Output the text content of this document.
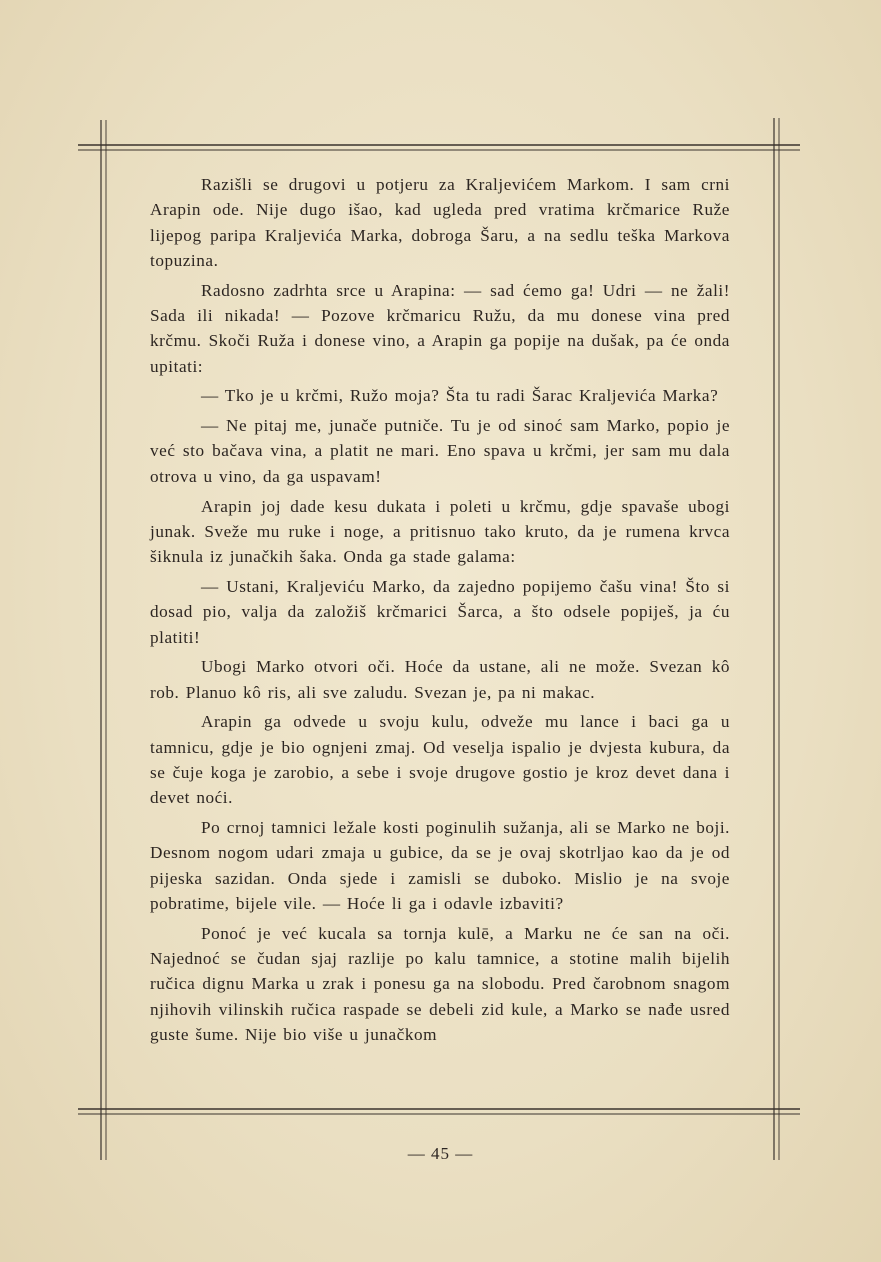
Razišli se drugovi u potjeru za Kraljevićem Markom. I sam crni Arapin ode. Nije dugo išao, kad ugleda pred vratima krčmarice Ruže lijepog paripa Kraljevića Marka, dobroga Šaru, a na sedlu teška Markova topuzina.

Radosno zadrhta srce u Arapina: — sad ćemo ga! Udri — ne žali! Sada ili nikada! — Pozove krčmaricu Ružu, da mu donese vina pred krčmu. Skoči Ruža i donese vino, a Arapin ga popije na dušak, pa će onda upitati:

— Tko je u krčmi, Ružo moja? Šta tu radi Šarac Kraljevića Marka?

— Ne pitaj me, junače putniče. Tu je od sinoć sam Marko, popio je već sto bačava vina, a platit ne mari. Eno spava u krčmi, jer sam mu dala otrova u vino, da ga uspavam!

Arapin joj dade kesu dukata i poleti u krčmu, gdje spavaše ubogi junak. Sveže mu ruke i noge, a pritisnuo tako kruto, da je rumena krvca šiknula iz junačkih šaka. Onda ga stade galama:

— Ustani, Kraljeviću Marko, da zajedno popijemo čašu vina! Što si dosad pio, valja da založiš krčmarici Šarca, a što odsele popiješ, ja ću platiti!

Ubogi Marko otvori oči. Hoće da ustane, ali ne može. Svezan kô rob. Planuo kô ris, ali sve zaludu. Svezan je, pa ni makac.

Arapin ga odvede u svoju kulu, odveže mu lance i baci ga u tamnicu, gdje je bio ognjeni zmaj. Od veselja ispalio je dvjesta kubura, da se čuje koga je zarobio, a sebe i svoje drugove gostio je kroz devet dana i devet noći.

Po crnoj tamnici ležale kosti poginulih sužanja, ali se Marko ne boji. Desnom nogom udari zmaja u gubice, da se je ovaj skotrljao kao da je od pijeska sazidan. Onda sjede i zamisli se duboko. Mislio je na svoje pobratime, bijele vile. — Hoće li ga i odavle izbaviti?

Ponoć je već kucala sa tornja kulē, a Marku ne će san na oči. Najednoć se čudan sjaj razlije po kalu tamnice, a stotine malih bijelih ručica dignu Marka u zrak i ponesu ga na slobodu. Pred čarobnom snagom njihovih vilinskih ručica raspade se debeli zid kule, a Marko se nađe usred guste šume. Nije bio više u junačkom

— 45 —
